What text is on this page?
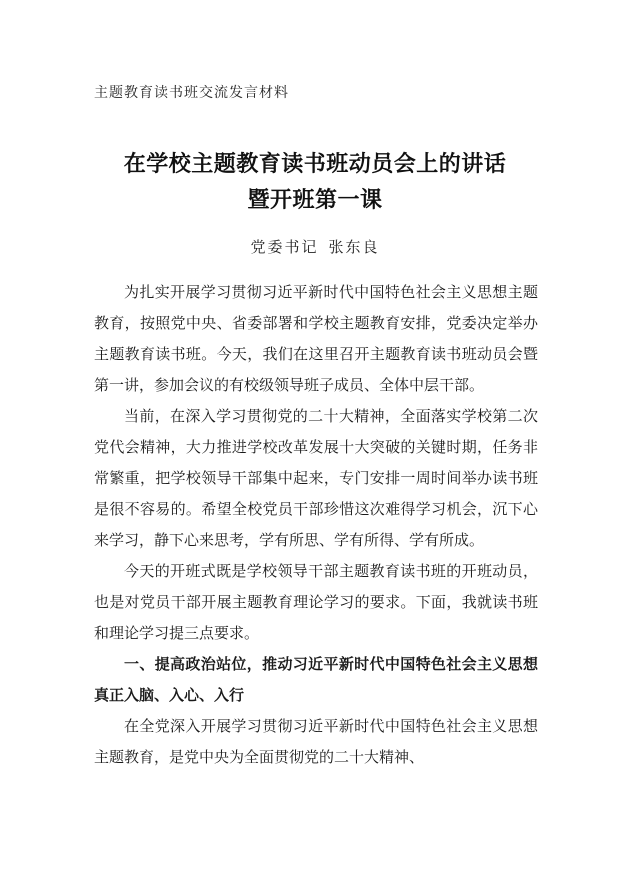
主题教育读书班交流发言材料
在学校主题教育读书班动员会上的讲话
暨开班第一课
党委书记 张东良

为扎实开展学习贯彻习近平新时代中国特色社会主义思想主题教育，按照党中央、省委部署和学校主题教育安排，党委决定举办主题教育读书班。今天，我们在这里召开主题教育读书班动员会暨第一讲，参加会议的有校级领导班子成员、全体中层干部。

当前，在深入学习贯彻党的二十大精神，全面落实学校第二次党代会精神，大力推进学校改革发展十大突破的关键时期，任务非常繁重，把学校领导干部集中起来，专门安排一周时间举办读书班是很不容易的。希望全校党员干部珍惜这次难得学习机会，沉下心来学习，静下心来思考，学有所思、学有所得、学有所成。

今天的开班式既是学校领导干部主题教育读书班的开班动员，也是对党员干部开展主题教育理论学习的要求。下面，我就读书班和理论学习提三点要求。

一、提高政治站位，推动习近平新时代中国特色社会主义思想真正入脑、入心、入行

在全党深入开展学习贯彻习近平新时代中国特色社会主义思想主题教育，是党中央为全面贯彻党的二十大精神、
